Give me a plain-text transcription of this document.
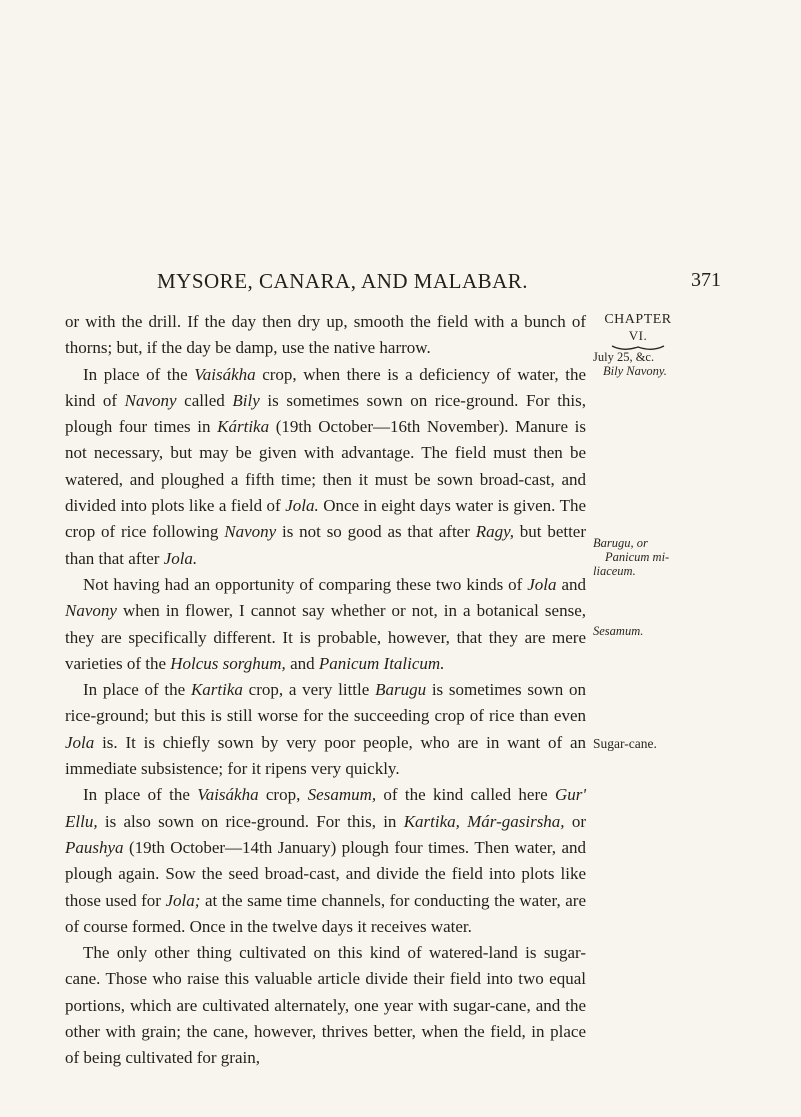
MYSORE, CANARA, AND MALABAR.	371
CHAPTER
VI.
July 25, &c.
Bily Navony.
Barugu, or
Panicum mi-
liaceum.
Sesamum.
Sugar-cane.

or with the drill. If the day then dry up, smooth the field with a bunch of thorns; but, if the day be damp, use the native harrow.

In place of the Vaisákha crop, when there is a deficiency of water, the kind of Navony called Bily is sometimes sown on rice-ground. For this, plough four times in Kártika (19th October—16th November). Manure is not necessary, but may be given with advantage. The field must then be watered, and ploughed a fifth time; then it must be sown broad-cast, and divided into plots like a field of Jola. Once in eight days water is given. The crop of rice following Navony is not so good as that after Ragy, but better than that after Jola.

Not having had an opportunity of comparing these two kinds of Jola and Navony when in flower, I cannot say whether or not, in a botanical sense, they are specifically different. It is probable, however, that they are mere varieties of the Holcus sorghum, and Panicum Italicum.

In place of the Kartika crop, a very little Barugu is sometimes sown on rice-ground; but this is still worse for the succeeding crop of rice than even Jola is. It is chiefly sown by very poor people, who are in want of an immediate subsistence; for it ripens very quickly.

In place of the Vaisákha crop, Sesamum, of the kind called here Gur' Ellu, is also sown on rice-ground. For this, in Kartika, Már-gasirsha, or Paushya (19th October—14th January) plough four times. Then water, and plough again. Sow the seed broad-cast, and divide the field into plots like those used for Jola; at the same time channels, for conducting the water, are of course formed. Once in the twelve days it receives water.

The only other thing cultivated on this kind of watered-land is sugar-cane. Those who raise this valuable article divide their field into two equal portions, which are cultivated alternately, one year with sugar-cane, and the other with grain; the cane, however, thrives better, when the field, in place of being cultivated for grain,
